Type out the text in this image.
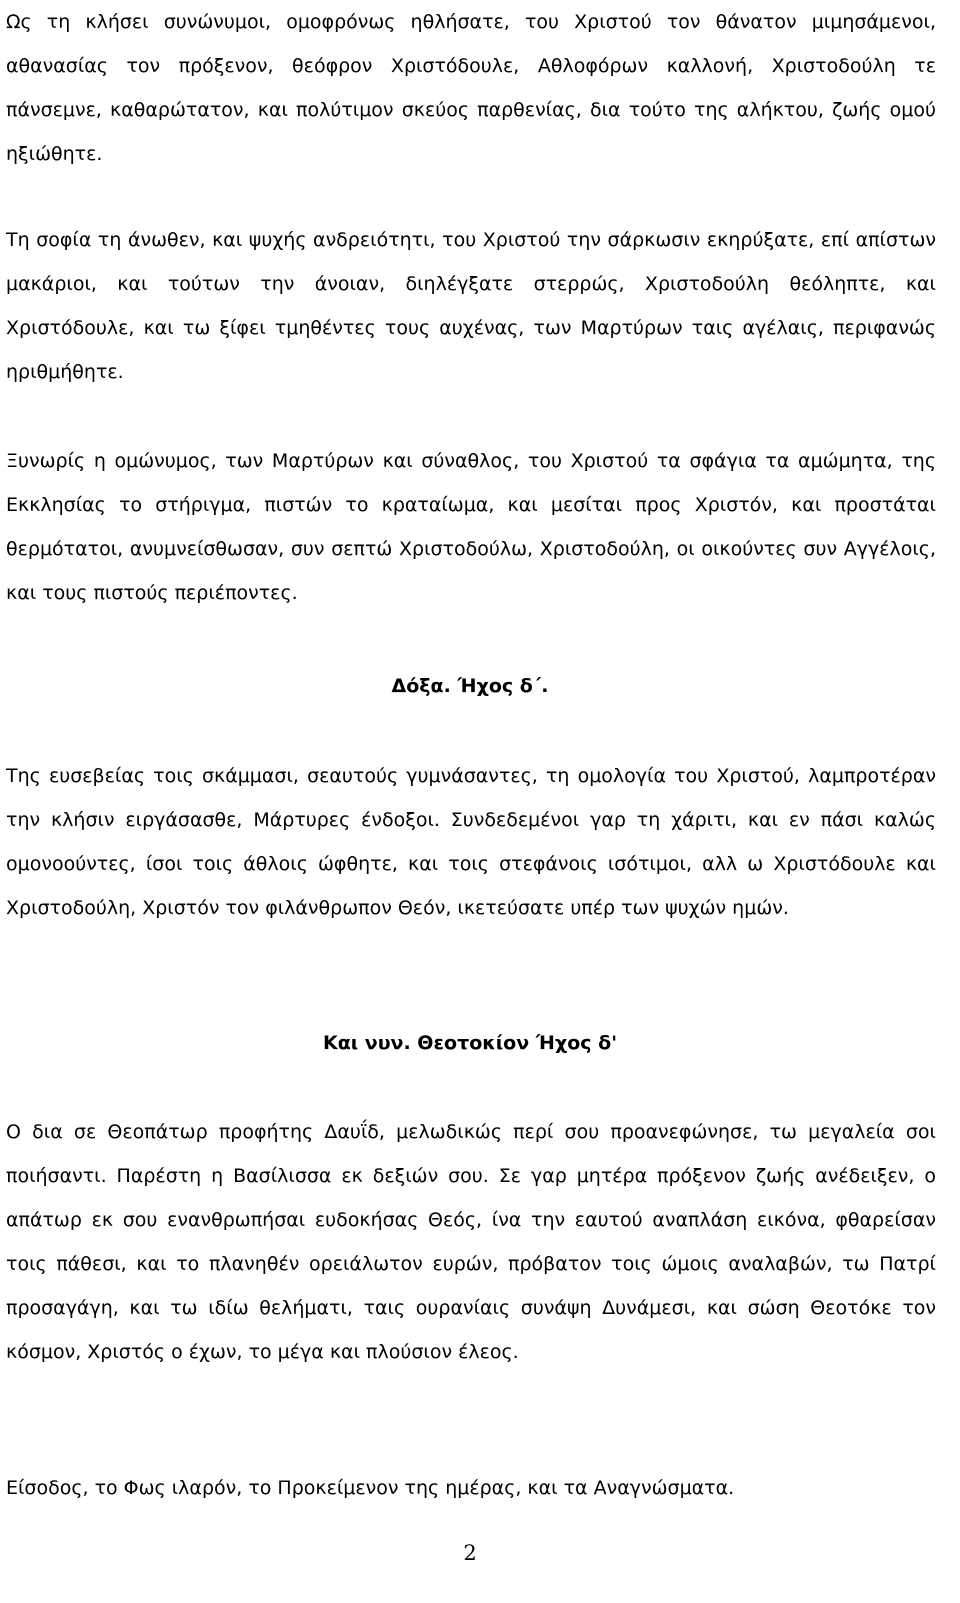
Ως τη κλήσει συνώνυμοι, ομοφρόνως ηθλήσατε, του Χριστού τον θάνατον μιμησάμενοι, αθανασίας τον πρόξενον, θεόφρον Χριστόδουλε, Αθλοφόρων καλλονή, Χριστοδούλη τε πάνσεμνε, καθαρώτατον, και πολύτιμον σκεύος παρθενίας, δια τούτο της αλήκτου, ζωής ομού ηξιώθητε.

Τη σοφία τη άνωθεν, και ψυχής ανδρειότητι, του Χριστού την σάρκωσιν εκηρύξατε, επί απίστων μακάριοι, και τούτων την άνοιαν, διηλέγξατε στερρώς, Χριστοδούλη θεόληπτε, και Χριστόδουλε, και τω ξίφει τμηθέντες τους αυχένας, των Μαρτύρων ταις αγέλαις, περιφανώς ηριθμήθητε.

Ξυνωρίς η ομώνυμος, των Μαρτύρων και σύναθλος, του Χριστού τα σφάγια τα αμώμητα, της Εκκλησίας το στήριγμα, πιστών το κραταίωμα, και μεσίται προς Χριστόν, και προστάται θερμότατοι, ανυμνείσθωσαν, συν σεπτώ Χριστοδούλω, Χριστοδούλη, οι οικούντες συν Αγγέλοις, και τους πιστούς περιέποντες.

Δόξα. Ήχος δ΄.

Της ευσεβείας τοις σκάμμασι, σεαυτούς γυμνάσαντες, τη ομολογία του Χριστού, λαμπροτέραν την κλήσιν ειργάσασθε, Μάρτυρες ένδοξοι. Συνδεδεμένοι γαρ τη χάριτι, και εν πάσι καλώς ομονοούντες, ίσοι τοις άθλοις ώφθητε, και τοις στεφάνοις ισότιμοι, αλλ ω Χριστόδουλε και Χριστοδούλη, Χριστόν τον φιλάνθρωπον Θεόν, ικετεύσατε υπέρ των ψυχών ημών.

Και νυν. Θεοτοκίον Ήχος δ'

Ο δια σε Θεοπάτωρ προφήτης Δαυΐδ, μελωδικώς περί σου προανεφώνησε, τω μεγαλεία σοι ποιήσαντι. Παρέστη η Βασίλισσα εκ δεξιών σου. Σε γαρ μητέρα πρόξενον ζωής ανέδειξεν, ο απάτωρ εκ σου ενανθρωπήσαι ευδοκήσας Θεός, ίνα την εαυτού αναπλάση εικόνα, φθαρείσαν τοις πάθεσι, και το πλανηθέν ορειάλωτον ευρών, πρόβατον τοις ώμοις αναλαβών, τω Πατρί προσαγάγη, και τω ιδίω θελήματι, ταις ουρανίαις συνάψη Δυνάμεσι, και σώση Θεοτόκε τον κόσμον, Χριστός ο έχων, το μέγα και πλούσιον έλεος.

Είσοδος, το Φως ιλαρόν, το Προκείμενον της ημέρας, και τα Αναγνώσματα.

2
